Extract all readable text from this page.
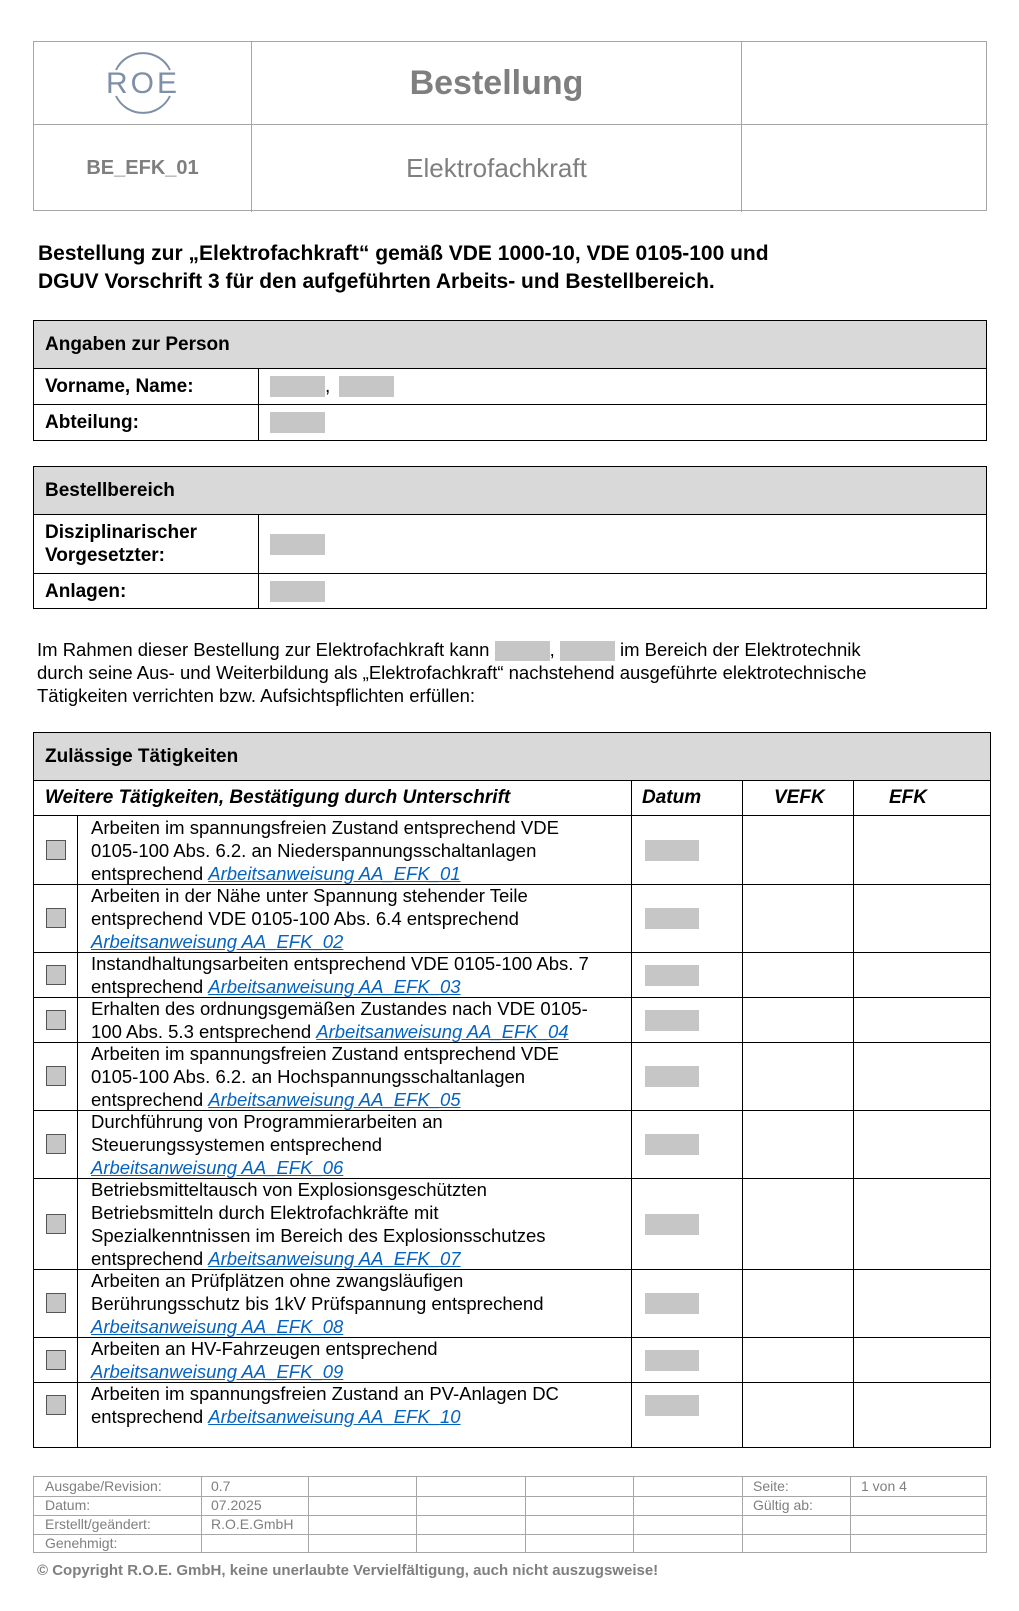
ROE	Bestellung
BE_EFK_01	Elektrofachkraft
Bestellung zur „Elektrofachkraft“ gemäß VDE 1000-10, VDE 0105-100 und
DGUV Vorschrift 3 für den aufgeführten Arbeits- und Bestellbereich.
Angaben zur Person
Vorname, Name:	,
Abteilung:
Bestellbereich
Disziplinarischer
Vorgesetzter:
Anlagen:
Im Rahmen dieser Bestellung zur Elektrofachkraft kann	,	im Bereich der Elektrotechnik
durch seine Aus- und Weiterbildung als „Elektrofachkraft“ nachstehend ausgeführte elektrotechnische
Tätigkeiten verrichten bzw. Aufsichtspflichten erfüllen:
Zulässige Tätigkeiten
Weitere Tätigkeiten, Bestätigung durch Unterschrift	Datum	VEFK	EFK
Arbeiten im spannungsfreien Zustand entsprechend VDE
0105-100 Abs. 6.2. an Niederspannungsschaltanlagen
entsprechend Arbeitsanweisung AA_EFK_01
Arbeiten in der Nähe unter Spannung stehender Teile
entsprechend VDE 0105-100 Abs. 6.4 entsprechend
Arbeitsanweisung AA_EFK_02
Instandhaltungsarbeiten entsprechend VDE 0105-100 Abs. 7
entsprechend Arbeitsanweisung AA_EFK_03
Erhalten des ordnungsgemäßen Zustandes nach VDE 0105-
100 Abs. 5.3 entsprechend Arbeitsanweisung AA_EFK_04
Arbeiten im spannungsfreien Zustand entsprechend VDE
0105-100 Abs. 6.2. an Hochspannungsschaltanlagen
entsprechend Arbeitsanweisung AA_EFK_05
Durchführung von Programmierarbeiten an
Steuerungssystemen entsprechend
Arbeitsanweisung AA_EFK_06
Betriebsmitteltausch von Explosionsgeschützten
Betriebsmitteln durch Elektrofachkräfte mit
Spezialkenntnissen im Bereich des Explosionsschutzes
entsprechend Arbeitsanweisung AA_EFK_07
Arbeiten an Prüfplätzen ohne zwangsläufigen
Berührungsschutz bis 1kV Prüfspannung entsprechend
Arbeitsanweisung AA_EFK_08
Arbeiten an HV-Fahrzeugen entsprechend
Arbeitsanweisung AA_EFK_09
Arbeiten im spannungsfreien Zustand an PV-Anlagen DC
entsprechend Arbeitsanweisung AA_EFK_10
Ausgabe/Revision:	0.7
Datum:	07.2025
Erstellt/geändert:	R.O.E.GmbH
Genehmigt:
Seite:	1 von 4
Gültig ab:
© Copyright R.O.E. GmbH, keine unerlaubte Vervielfältigung, auch nicht auszugsweise!
